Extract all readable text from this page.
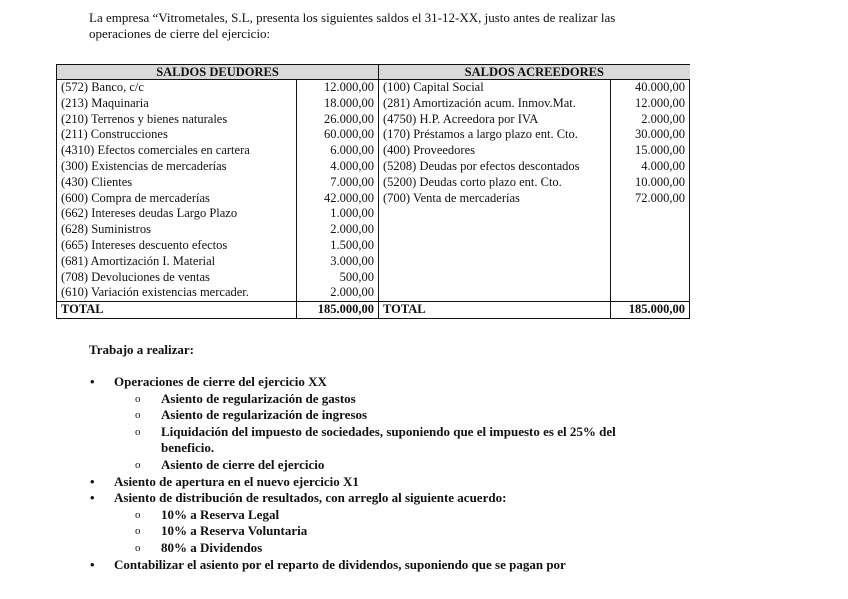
La empresa “Vitrometales, S.L, presenta los siguientes saldos el 31-12-XX, justo antes de realizar las operaciones de cierre del ejercicio:
SALDOS DEUDORES		SALDOS ACREEDORES	
(572) Banco, c/c	12.000,00	(100) Capital Social	40.000,00
(213) Maquinaria	18.000,00	(281) Amortización acum. Inmov.Mat.	12.000,00
(210) Terrenos y bienes naturales	26.000,00	(4750) H.P. Acreedora por IVA	2.000,00
(211) Construcciones	60.000,00	(170) Préstamos a largo plazo ent. Cto.	30.000,00
(4310) Efectos comerciales en cartera	6.000,00	(400) Proveedores	15.000,00
(300) Existencias de mercaderías	4.000,00	(5208) Deudas por efectos descontados	4.000,00
(430) Clientes	7.000,00	(5200) Deudas corto plazo ent. Cto.	10.000,00
(600) Compra de mercaderías	42.000,00	(700) Venta de mercaderías	72.000,00
(662) Intereses deudas Largo Plazo	1.000,00		
(628) Suministros	2.000,00		
(665) Intereses descuento efectos	1.500,00		
(681) Amortización I. Material	3.000,00		
(708) Devoluciones de ventas	500,00		
(610) Variación existencias mercader.	2.000,00		
TOTAL	185.000,00	TOTAL	185.000,00
Trabajo a realizar:
• Operaciones de cierre del ejercicio XX
o Asiento de regularización de gastos
o Asiento de regularización de ingresos
o Liquidación del impuesto de sociedades, suponiendo que el impuesto es el 25% del beneficio.
o Asiento de cierre del ejercicio
• Asiento de apertura en el nuevo ejercicio X1
• Asiento de distribución de resultados, con arreglo al siguiente acuerdo:
o 10% a Reserva Legal
o 10% a Reserva Voluntaria
o 80% a Dividendos
• Contabilizar el asiento por el reparto de dividendos, suponiendo que se pagan por
